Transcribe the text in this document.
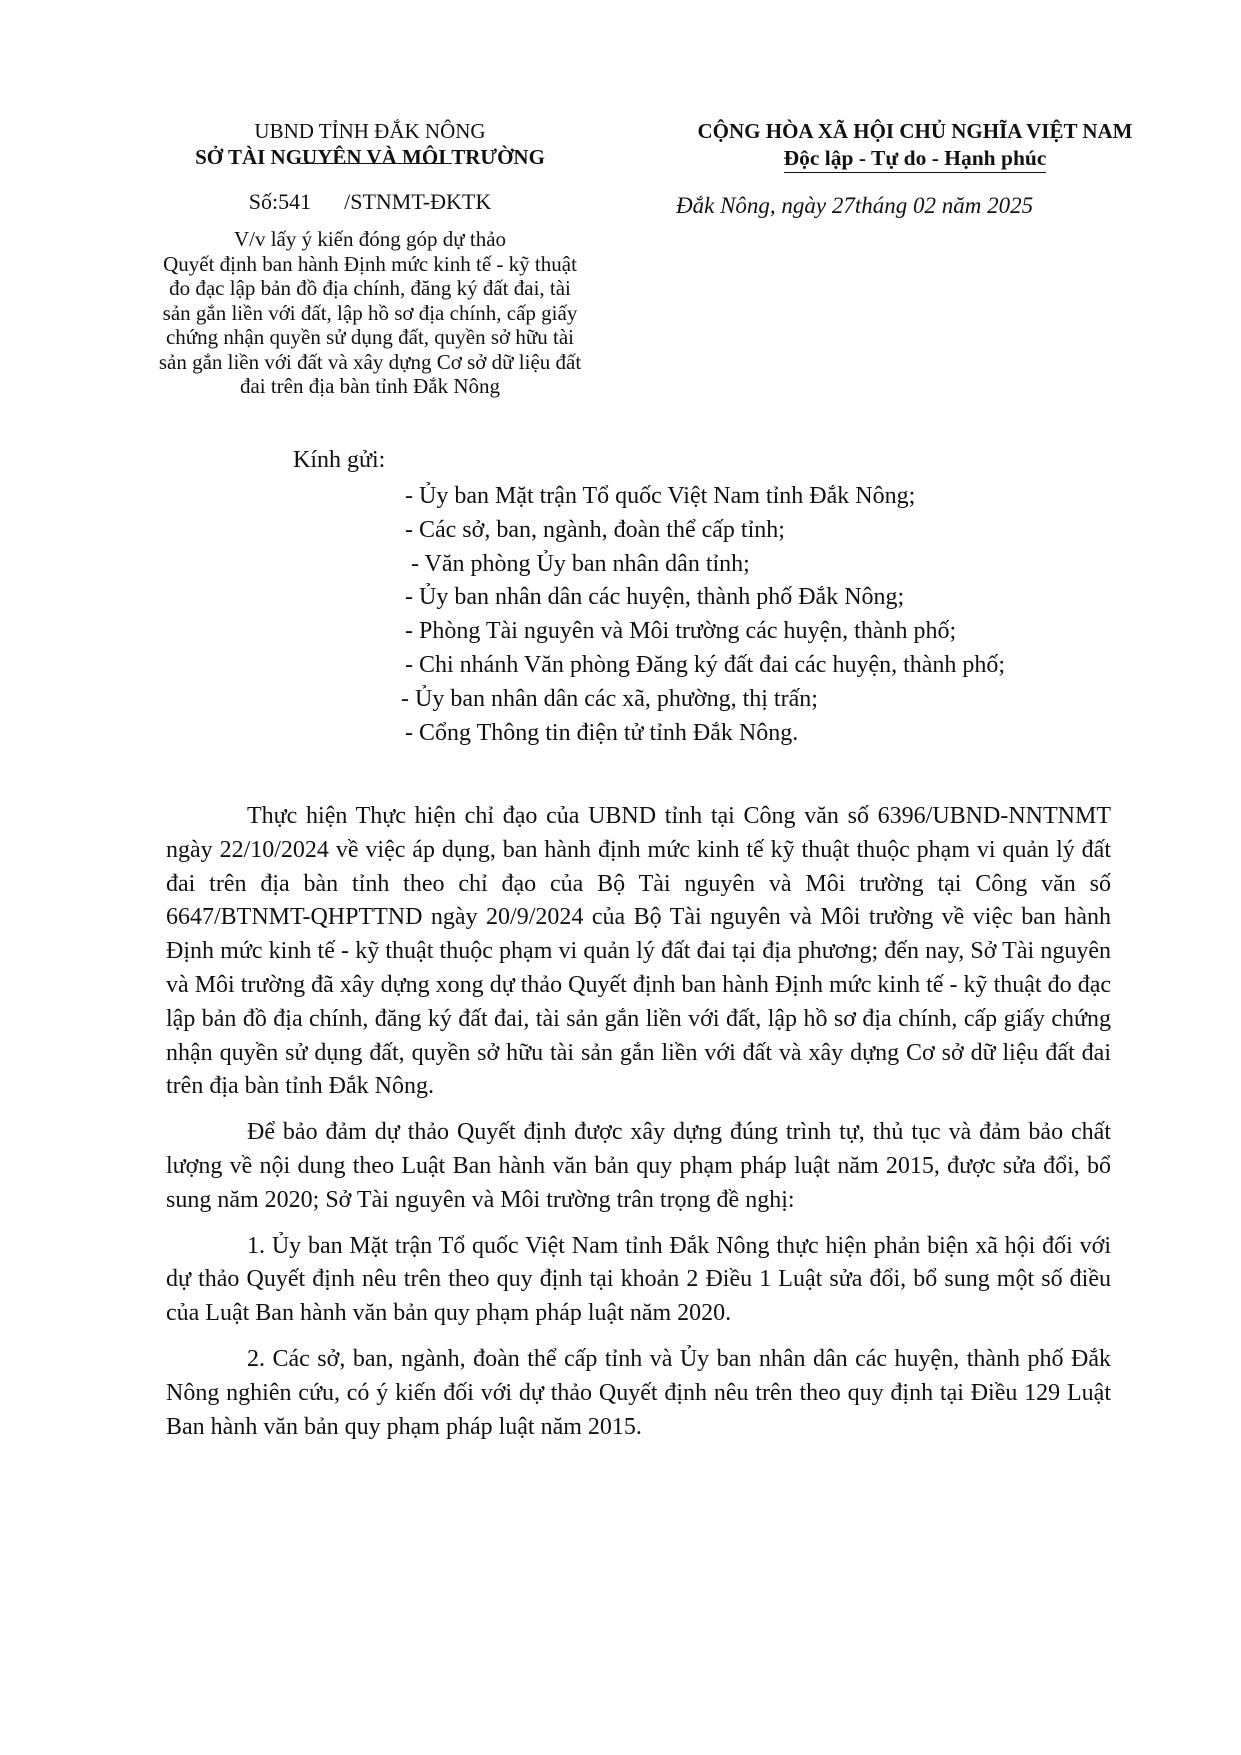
UBND TỈNH ĐẮK NÔNG
SỞ TÀI NGUYÊN VÀ MÔI TRƯỜNG
Số:541      /STNMT-ĐKTK
V/v lấy ý kiến đóng góp dự thảo
Quyết định ban hành Định mức kinh tế - kỹ thuật
đo đạc lập bản đồ địa chính, đăng ký đất đai, tài
sản gắn liền với đất, lập hồ sơ địa chính, cấp giấy
chứng nhận quyền sử dụng đất, quyền sở hữu tài
sản gắn liền với đất và xây dựng Cơ sở dữ liệu đất
đai trên địa bàn tỉnh Đắk Nông
CỘNG HÒA XÃ HỘI CHỦ NGHĨA VIỆT NAM
Độc lập - Tự do - Hạnh phúc
Đắk Nông, ngày 27tháng 02 năm 2025
Kính gửi:
- Ủy ban Mặt trận Tổ quốc Việt Nam tỉnh Đắk Nông;
- Các sở, ban, ngành, đoàn thể cấp tỉnh;
- Văn phòng Ủy ban nhân dân tỉnh;
- Ủy ban nhân dân các huyện, thành phố Đắk Nông;
- Phòng Tài nguyên và Môi trường các huyện, thành phố;
- Chi nhánh Văn phòng Đăng ký đất đai các huyện, thành phố;
- Ủy ban nhân dân các xã, phường, thị trấn;
- Cổng Thông tin điện tử tỉnh Đắk Nông.

Thực hiện Thực hiện chỉ đạo của UBND tỉnh tại Công văn số 6396/UBND-NNTNMT ngày 22/10/2024 về việc áp dụng, ban hành định mức kinh tế kỹ thuật thuộc phạm vi quản lý đất đai trên địa bàn tỉnh theo chỉ đạo của Bộ Tài nguyên và Môi trường tại Công văn số 6647/BTNMT-QHPTTND ngày 20/9/2024 của Bộ Tài nguyên và Môi trường về việc ban hành Định mức kinh tế - kỹ thuật thuộc phạm vi quản lý đất đai tại địa phương; đến nay, Sở Tài nguyên và Môi trường đã xây dựng xong dự thảo Quyết định ban hành Định mức kinh tế - kỹ thuật đo đạc lập bản đồ địa chính, đăng ký đất đai, tài sản gắn liền với đất, lập hồ sơ địa chính, cấp giấy chứng nhận quyền sử dụng đất, quyền sở hữu tài sản gắn liền với đất và xây dựng Cơ sở dữ liệu đất đai trên địa bàn tỉnh Đắk Nông.

Để bảo đảm dự thảo Quyết định được xây dựng đúng trình tự, thủ tục và đảm bảo chất lượng về nội dung theo Luật Ban hành văn bản quy phạm pháp luật năm 2015, được sửa đổi, bổ sung năm 2020; Sở Tài nguyên và Môi trường trân trọng đề nghị:

1. Ủy ban Mặt trận Tổ quốc Việt Nam tỉnh Đắk Nông thực hiện phản biện xã hội đối với dự thảo Quyết định nêu trên theo quy định tại khoản 2 Điều 1 Luật sửa đổi, bổ sung một số điều của Luật Ban hành văn bản quy phạm pháp luật năm 2020.

2. Các sở, ban, ngành, đoàn thể cấp tỉnh và Ủy ban nhân dân các huyện, thành phố Đắk Nông nghiên cứu, có ý kiến đối với dự thảo Quyết định nêu trên theo quy định tại Điều 129 Luật Ban hành văn bản quy phạm pháp luật năm 2015.
